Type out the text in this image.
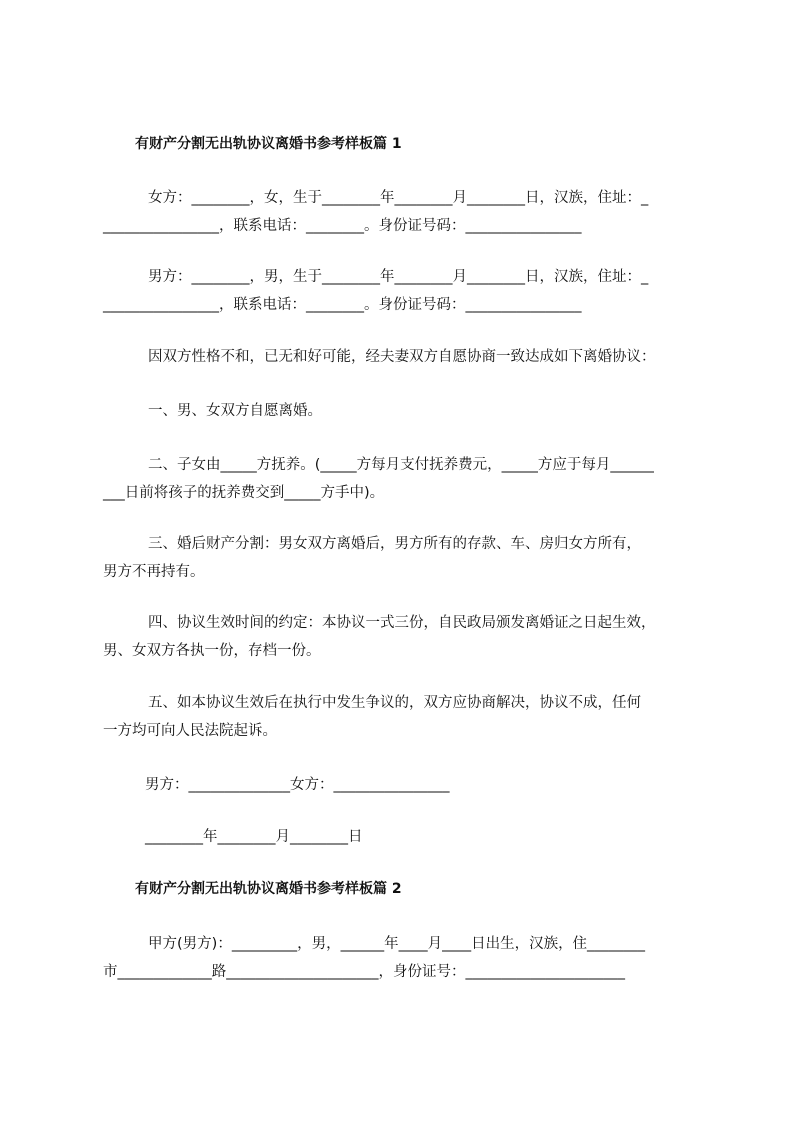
有财产分割无出轨协议离婚书参考样板篇 1
女方：________，女，生于________年________月________日，汉族，住址：_
________________，联系电话：________。身份证号码：________________
男方：________，男，生于________年________月________日，汉族，住址：_
________________，联系电话：________。身份证号码：________________
因双方性格不和，已无和好可能，经夫妻双方自愿协商一致达成如下离婚协议：
一、男、女双方自愿离婚。
二、子女由_____方抚养。(_____方每月支付抚养费元，_____方应于每月______
___日前将孩子的抚养费交到_____方手中)。
三、婚后财产分割：男女双方离婚后，男方所有的存款、车、房归女方所有，
男方不再持有。
四、协议生效时间的约定：本协议一式三份，自民政局颁发离婚证之日起生效，
男、女双方各执一份，存档一份。
五、如本协议生效后在执行中发生争议的，双方应协商解决，协议不成，任何
一方均可向人民法院起诉。
男方：______________女方：________________
________年________月________日
有财产分割无出轨协议离婚书参考样板篇 2
甲方(男方)：_________，男，______年____月____日出生，汉族，住________
市_____________路_____________________，身份证号：______________________
